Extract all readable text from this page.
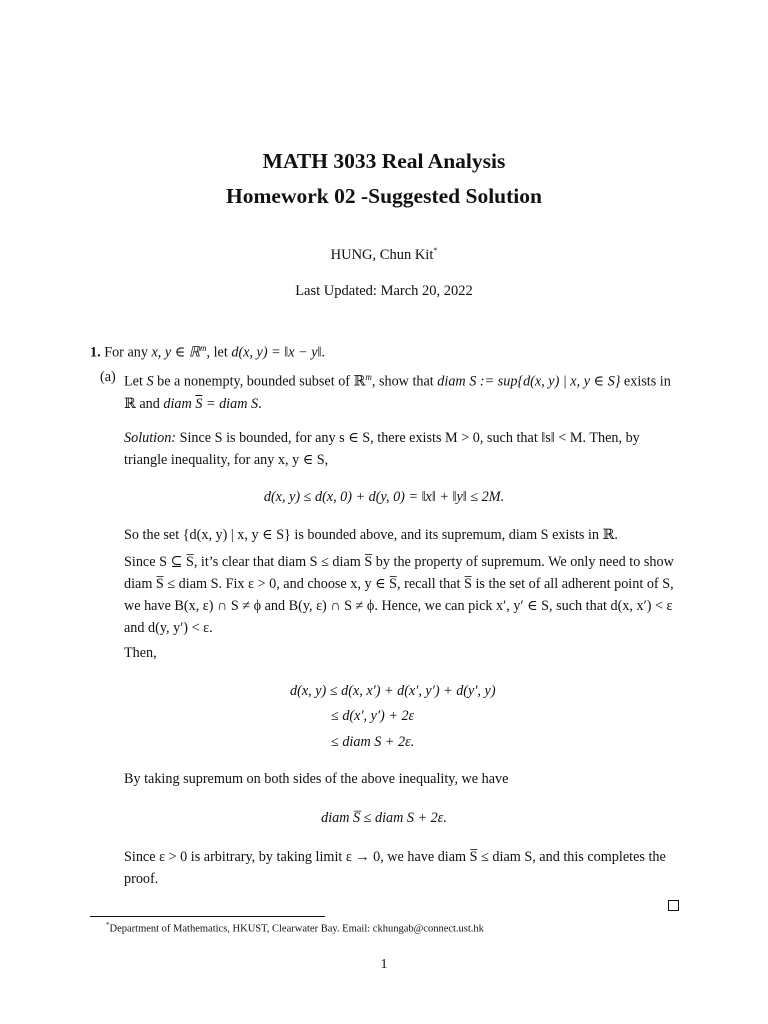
MATH 3033 Real Analysis
Homework 02 -Suggested Solution
HUNG, Chun Kit*
Last Updated: March 20, 2022
1. For any x, y ∈ ℝ$^m$, let d(x, y) = ‖x − y‖.
(a) Let S be a nonempty, bounded subset of ℝ$^m$, show that diam S := sup{d(x, y) | x, y ∈ S} exists in
ℝ and diam $\overline{S}$ = diam S.
Solution: Since S is bounded, for any s ∈ S, there exists M > 0, such that ‖s‖ < M. Then, by
triangle inequality, for any x, y ∈ S,
d(x, y) ≤ d(x, 0) + d(y, 0) = ‖x‖ + ‖y‖ ≤ 2M.
So the set {d(x, y) | x, y ∈ S} is bounded above, and its supremum, diam S exists in ℝ.
Since S ⊆ S̅, it’s clear that diam S ≤ diam S̅ by the property of supremum. We only need to show
diam S̅ ≤ diam S. Fix ε > 0, and choose x, y ∈ S̅, recall that S̅ is the set of all adherent point of S,
we have B(x, ε) ∩ S ≠ ϕ and B(y, ε) ∩ S ≠ ϕ. Hence, we can pick x′, y′ ∈ S, such that d(x, x′) < ε
and d(y, y′) < ε.
Then,
d(x, y) ≤ d(x, x′) + d(x′, y′) + d(y′, y)
≤ d(x′, y′) + 2ε
≤ diam S + 2ε.
By taking supremum on both sides of the above inequality, we have
diam S̅ ≤ diam S + 2ε.
Since ε > 0 is arbitrary, by taking limit ε → 0, we have diam S̅ ≤ diam S, and this completes the
proof.
*Department of Mathematics, HKUST, Clearwater Bay. Email: ckhungab@connect.ust.hk
1
